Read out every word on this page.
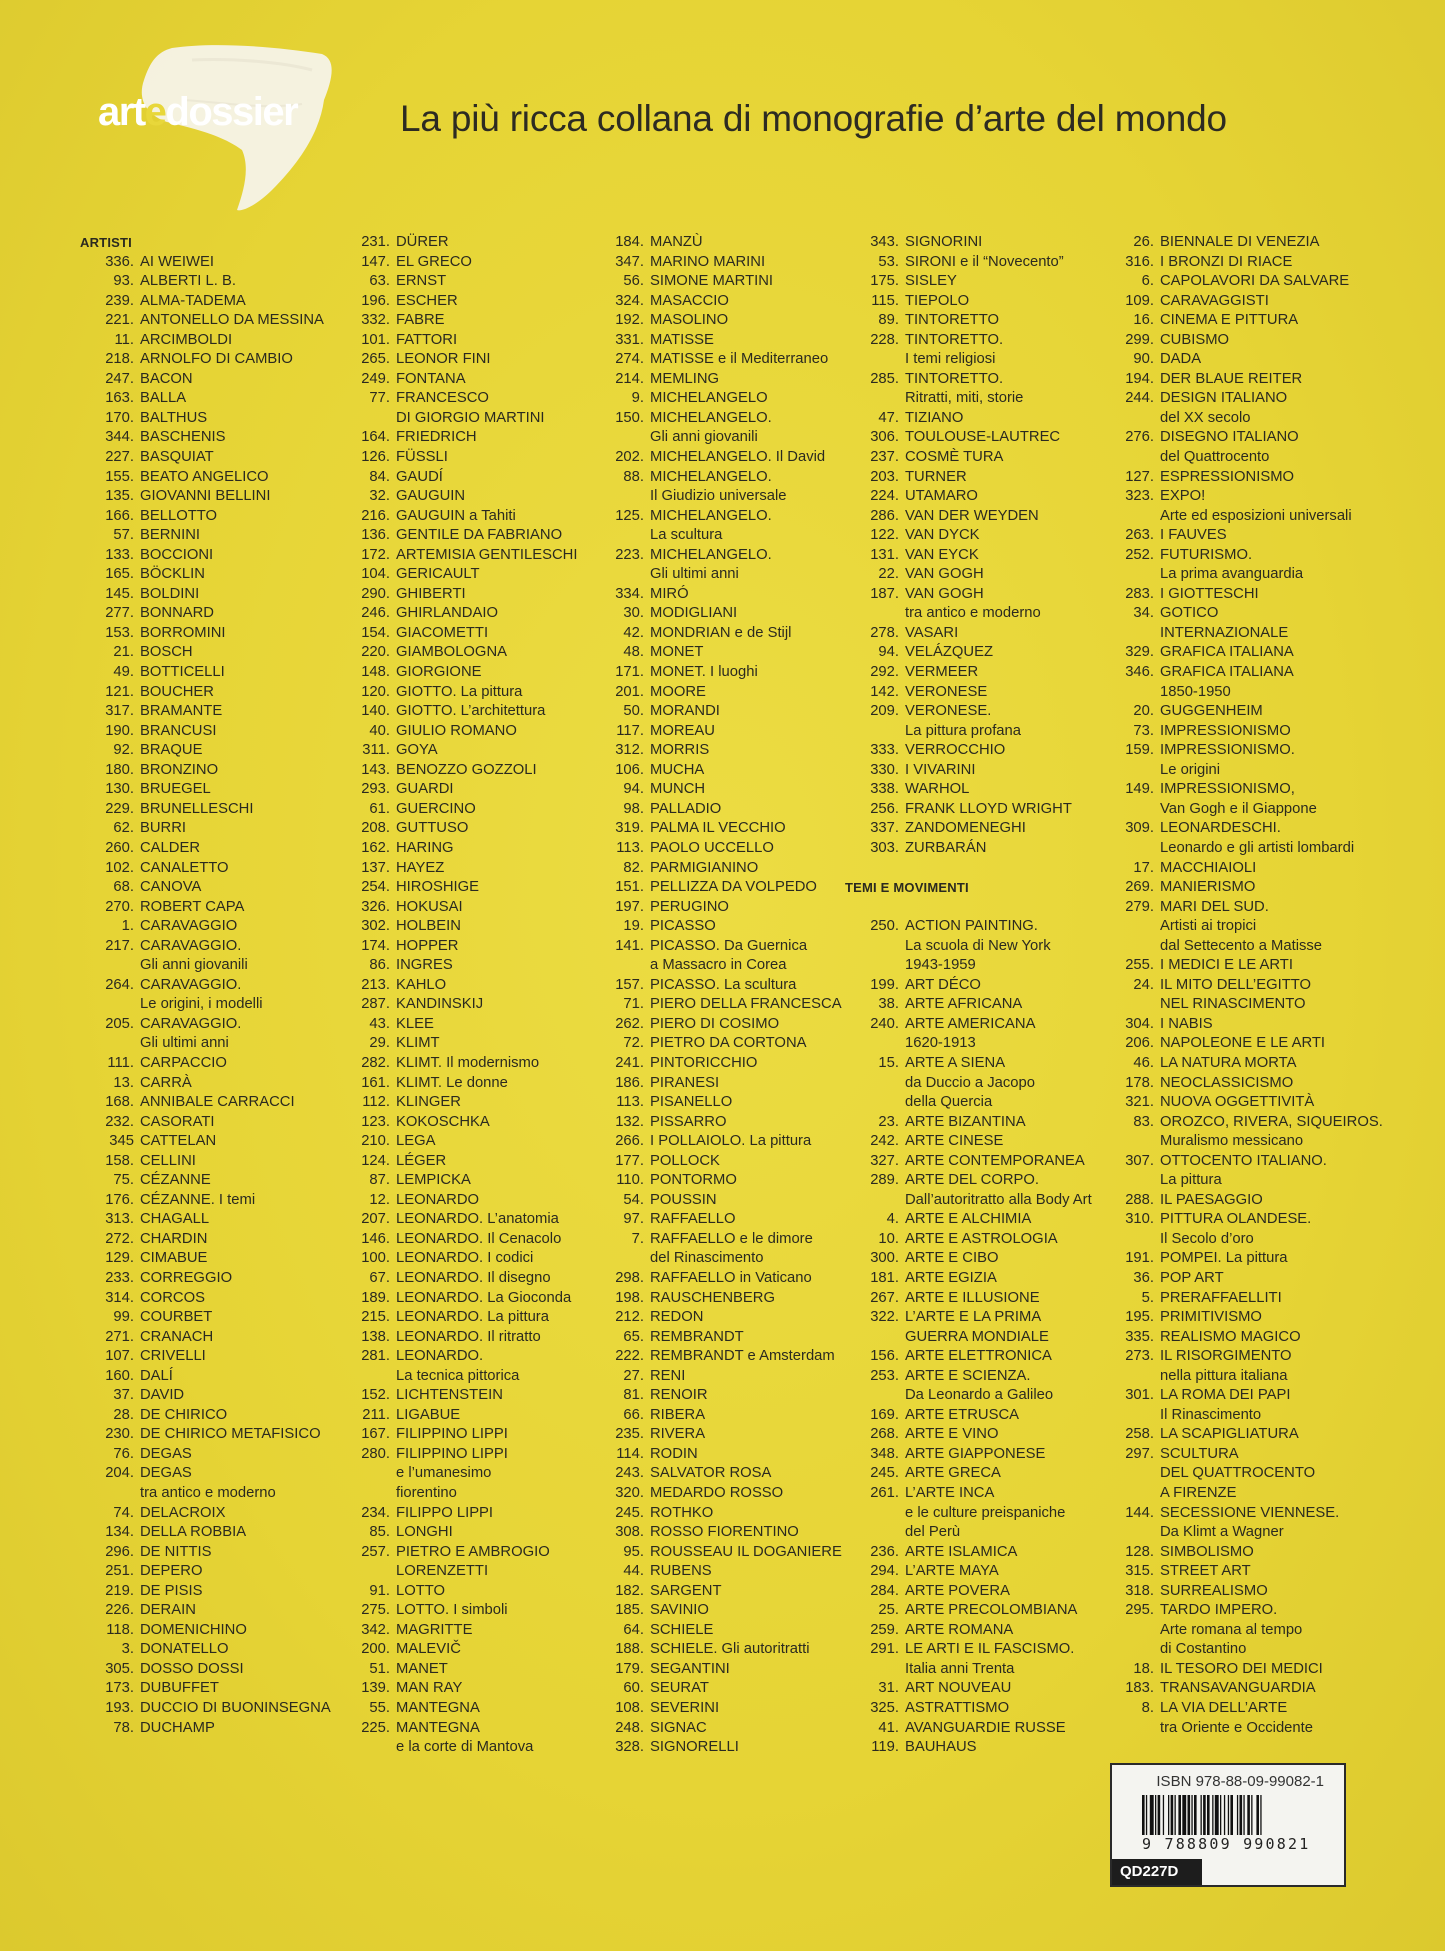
artedossier	La più ricca collana di monografie d’arte del mondo
ARTISTI
336. AI WEIWEI
93. ALBERTI L. B.
239. ALMA-TADEMA
221. ANTONELLO DA MESSINA
11. ARCIMBOLDI
218. ARNOLFO DI CAMBIO
247. BACON
163. BALLA
170. BALTHUS
344. BASCHENIS
227. BASQUIAT
155. BEATO ANGELICO
135. GIOVANNI BELLINI
166. BELLOTTO
57. BERNINI
133. BOCCIONI
165. BÖCKLIN
145. BOLDINI
277. BONNARD
153. BORROMINI
21. BOSCH
49. BOTTICELLI
121. BOUCHER
317. BRAMANTE
190. BRANCUSI
92. BRAQUE
180. BRONZINO
130. BRUEGEL
229. BRUNELLESCHI
62. BURRI
260. CALDER
102. CANALETTO
68. CANOVA
270. ROBERT CAPA
1. CARAVAGGIO
217. CARAVAGGIO.
Gli anni giovanili
264. CARAVAGGIO.
Le origini, i modelli
205. CARAVAGGIO.
Gli ultimi anni
111. CARPACCIO
13. CARRÀ
168. ANNIBALE CARRACCI
232. CASORATI
345 CATTELAN
158. CELLINI
75. CÉZANNE
176. CÉZANNE. I temi
313. CHAGALL
272. CHARDIN
129. CIMABUE
233. CORREGGIO
314. CORCOS
99. COURBET
271. CRANACH
107. CRIVELLI
160. DALÍ
37. DAVID
28. DE CHIRICO
230. DE CHIRICO METAFISICO
76. DEGAS
204. DEGAS
tra antico e moderno
74. DELACROIX
134. DELLA ROBBIA
296. DE NITTIS
251. DEPERO
219. DE PISIS
226. DERAIN
118. DOMENICHINO
3. DONATELLO
305. DOSSO DOSSI
173. DUBUFFET
193. DUCCIO DI BUONINSEGNA
78. DUCHAMP
231. DÜRER
147. EL GRECO
63. ERNST
196. ESCHER
332. FABRE
101. FATTORI
265. LEONOR FINI
249. FONTANA
77. FRANCESCO
DI GIORGIO MARTINI
164. FRIEDRICH
126. FÜSSLI
84. GAUDÍ
32. GAUGUIN
216. GAUGUIN a Tahiti
136. GENTILE DA FABRIANO
172. ARTEMISIA GENTILESCHI
104. GERICAULT
290. GHIBERTI
246. GHIRLANDAIO
154. GIACOMETTI
220. GIAMBOLOGNA
148. GIORGIONE
120. GIOTTO. La pittura
140. GIOTTO. L’architettura
40. GIULIO ROMANO
311. GOYA
143. BENOZZO GOZZOLI
293. GUARDI
61. GUERCINO
208. GUTTUSO
162. HARING
137. HAYEZ
254. HIROSHIGE
326. HOKUSAI
302. HOLBEIN
174. HOPPER
86. INGRES
213. KAHLO
287. KANDINSKIJ
43. KLEE
29. KLIMT
282. KLIMT. Il modernismo
161. KLIMT. Le donne
112. KLINGER
123. KOKOSCHKA
210. LEGA
124. LÉGER
87. LEMPICKA
12. LEONARDO
207. LEONARDO. L’anatomia
146. LEONARDO. Il Cenacolo
100. LEONARDO. I codici
67. LEONARDO. Il disegno
189. LEONARDO. La Gioconda
215. LEONARDO. La pittura
138. LEONARDO. Il ritratto
281. LEONARDO.
La tecnica pittorica
152. LICHTENSTEIN
211. LIGABUE
167. FILIPPINO LIPPI
280. FILIPPINO LIPPI
e l’umanesimo
fiorentino
234. FILIPPO LIPPI
85. LONGHI
257. PIETRO E AMBROGIO
LORENZETTI
91. LOTTO
275. LOTTO. I simboli
342. MAGRITTE
200. MALEVIČ
51. MANET
139. MAN RAY
55. MANTEGNA
225. MANTEGNA
e la corte di Mantova
184. MANZÙ
347. MARINO MARINI
56. SIMONE MARTINI
324. MASACCIO
192. MASOLINO
331. MATISSE
274. MATISSE e il Mediterraneo
214. MEMLING
9. MICHELANGELO
150. MICHELANGELO.
Gli anni giovanili
202. MICHELANGELO. Il David
88. MICHELANGELO.
Il Giudizio universale
125. MICHELANGELO.
La scultura
223. MICHELANGELO.
Gli ultimi anni
334. MIRÓ
30. MODIGLIANI
42. MONDRIAN e de Stijl
48. MONET
171. MONET. I luoghi
201. MOORE
50. MORANDI
117. MOREAU
312. MORRIS
106. MUCHA
94. MUNCH
98. PALLADIO
319. PALMA IL VECCHIO
113. PAOLO UCCELLO
82. PARMIGIANINO
151. PELLIZZA DA VOLPEDO
197. PERUGINO
19. PICASSO
141. PICASSO. Da Guernica
a Massacro in Corea
157. PICASSO. La scultura
71. PIERO DELLA FRANCESCA
262. PIERO DI COSIMO
72. PIETRO DA CORTONA
241. PINTORICCHIO
186. PIRANESI
113. PISANELLO
132. PISSARRO
266. I POLLAIOLO. La pittura
177. POLLOCK
110. PONTORMO
54. POUSSIN
97. RAFFAELLO
7. RAFFAELLO e le dimore
del Rinascimento
298. RAFFAELLO in Vaticano
198. RAUSCHENBERG
212. REDON
65. REMBRANDT
222. REMBRANDT e Amsterdam
27. RENI
81. RENOIR
66. RIBERA
235. RIVERA
114. RODIN
243. SALVATOR ROSA
320. MEDARDO ROSSO
245. ROTHKO
308. ROSSO FIORENTINO
95. ROUSSEAU IL DOGANIERE
44. RUBENS
182. SARGENT
185. SAVINIO
64. SCHIELE
188. SCHIELE. Gli autoritratti
179. SEGANTINI
60. SEURAT
108. SEVERINI
248. SIGNAC
328. SIGNORELLI
343. SIGNORINI
53. SIRONI e il “Novecento”
175. SISLEY
115. TIEPOLO
89. TINTORETTO
228. TINTORETTO.
I temi religiosi
285. TINTORETTO.
Ritratti, miti, storie
47. TIZIANO
306. TOULOUSE-LAUTREC
237. COSMÈ TURA
203. TURNER
224. UTAMARO
286. VAN DER WEYDEN
122. VAN DYCK
131. VAN EYCK
22. VAN GOGH
187. VAN GOGH
tra antico e moderno
278. VASARI
94. VELÁZQUEZ
292. VERMEER
142. VERONESE
209. VERONESE.
La pittura profana
333. VERROCCHIO
330. I VIVARINI
338. WARHOL
256. FRANK LLOYD WRIGHT
337. ZANDOMENEGHI
303. ZURBARÁN
TEMI E MOVIMENTI
250. ACTION PAINTING.
La scuola di New York
1943-1959
199. ART DÉCO
38. ARTE AFRICANA
240. ARTE AMERICANA
1620-1913
15. ARTE A SIENA
da Duccio a Jacopo
della Quercia
23. ARTE BIZANTINA
242. ARTE CINESE
327. ARTE CONTEMPORANEA
289. ARTE DEL CORPO.
Dall’autoritratto alla Body Art
4. ARTE E ALCHIMIA
10. ARTE E ASTROLOGIA
300. ARTE E CIBO
181. ARTE EGIZIA
267. ARTE E ILLUSIONE
322. L’ARTE E LA PRIMA
GUERRA MONDIALE
156. ARTE ELETTRONICA
253. ARTE E SCIENZA.
Da Leonardo a Galileo
169. ARTE ETRUSCA
268. ARTE E VINO
348. ARTE GIAPPONESE
245. ARTE GRECA
261. L’ARTE INCA
e le culture preispaniche
del Perù
236. ARTE ISLAMICA
294. L’ARTE MAYA
284. ARTE POVERA
25. ARTE PRECOLOMBIANA
259. ARTE ROMANA
291. LE ARTI E IL FASCISMO.
Italia anni Trenta
31. ART NOUVEAU
325. ASTRATTISMO
41. AVANGUARDIE RUSSE
119. BAUHAUS
26. BIENNALE DI VENEZIA
316. I BRONZI DI RIACE
6. CAPOLAVORI DA SALVARE
109. CARAVAGGISTI
16. CINEMA E PITTURA
299. CUBISMO
90. DADA
194. DER BLAUE REITER
244. DESIGN ITALIANO
del XX secolo
276. DISEGNO ITALIANO
del Quattrocento
127. ESPRESSIONISMO
323. EXPO!
Arte ed esposizioni universali
263. I FAUVES
252. FUTURISMO.
La prima avanguardia
283. I GIOTTESCHI
34. GOTICO
INTERNAZIONALE
329. GRAFICA ITALIANA
346. GRAFICA ITALIANA
1850-1950
20. GUGGENHEIM
73. IMPRESSIONISMO
159. IMPRESSIONISMO.
Le origini
149. IMPRESSIONISMO,
Van Gogh e il Giappone
309. LEONARDESCHI.
Leonardo e gli artisti lombardi
17. MACCHIAIOLI
269. MANIERISMO
279. MARI DEL SUD.
Artisti ai tropici
dal Settecento a Matisse
255. I MEDICI E LE ARTI
24. IL MITO DELL’EGITTO
NEL RINASCIMENTO
304. I NABIS
206. NAPOLEONE E LE ARTI
46. LA NATURA MORTA
178. NEOCLASSICISMO
321. NUOVA OGGETTIVITÀ
83. OROZCO, RIVERA, SIQUEIROS.
Muralismo messicano
307. OTTOCENTO ITALIANO.
La pittura
288. IL PAESAGGIO
310. PITTURA OLANDESE.
Il Secolo d’oro
191. POMPEI. La pittura
36. POP ART
5. PRERAFFAELLITI
195. PRIMITIVISMO
335. REALISMO MAGICO
273. IL RISORGIMENTO
nella pittura italiana
301. LA ROMA DEI PAPI
Il Rinascimento
258. LA SCAPIGLIATURA
297. SCULTURA
DEL QUATTROCENTO
A FIRENZE
144. SECESSIONE VIENNESE.
Da Klimt a Wagner
128. SIMBOLISMO
315. STREET ART
318. SURREALISMO
295. TARDO IMPERO.
Arte romana al tempo
di Costantino
18. IL TESORO DEI MEDICI
183. TRANSAVANGUARDIA
8. LA VIA DELL’ARTE
tra Oriente e Occidente
ISBN 978-88-09-99082-1
9 788809 990821
QD227D
